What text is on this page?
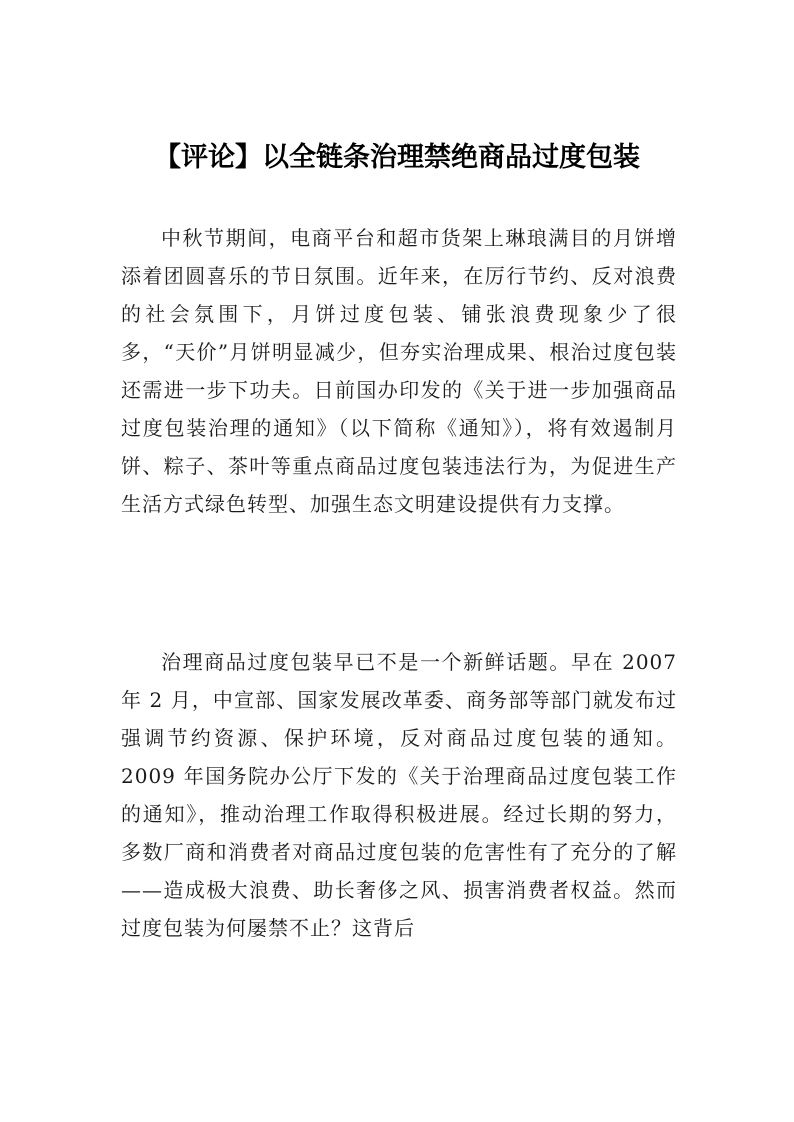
【评论】以全链条治理禁绝商品过度包装

中秋节期间，电商平台和超市货架上琳琅满目的月饼增添着团圆喜乐的节日氛围。近年来，在厉行节约、反对浪费的社会氛围下，月饼过度包装、铺张浪费现象少了很多，“天价”月饼明显减少，但夯实治理成果、根治过度包装还需进一步下功夫。日前国办印发的《关于进一步加强商品过度包装治理的通知》（以下简称《通知》），将有效遏制月饼、粽子、茶叶等重点商品过度包装违法行为，为促进生产生活方式绿色转型、加强生态文明建设提供有力支撑。

治理商品过度包装早已不是一个新鲜话题。早在 2007 年 2 月，中宣部、国家发展改革委、商务部等部门就发布过强调节约资源、保护环境，反对商品过度包装的通知。2009 年国务院办公厅下发的《关于治理商品过度包装工作的通知》，推动治理工作取得积极进展。经过长期的努力，多数厂商和消费者对商品过度包装的危害性有了充分的了解——造成极大浪费、助长奢侈之风、损害消费者权益。然而过度包装为何屡禁不止？这背后
